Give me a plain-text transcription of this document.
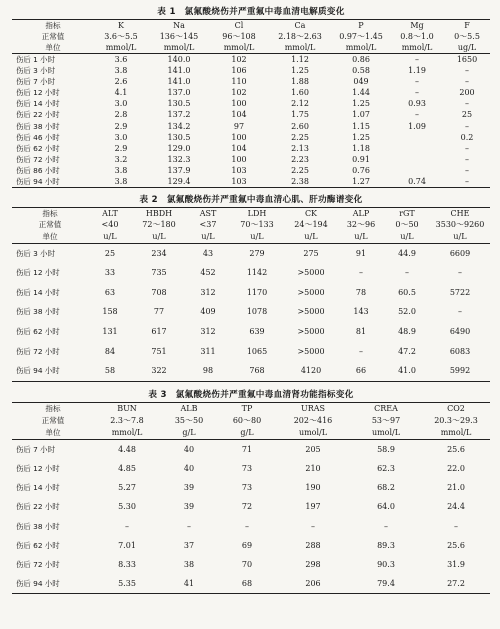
表 1　氯氟酸烧伤并严重氟中毒血清电解质变化
指标	K	Na	Cl	Ca	P	Mg	F
正常值	3.6～5.5	136～145	96～108	2.18～2.63	0.97～1.45	0.8～1.0	0～5.5
单位	mmol/L	mmol/L	mmol/L	mmol/L	mmol/L	mmol/L	ug/L
伤后 1 小时	3.6	140.0	102	1.12	0.86	–	1650
伤后 3 小时	3.8	141.0	106	1.25	0.58	1.19	–
伤后 7 小时	2.6	141.0	110	1.88	049	–	–
伤后 12 小时	4.1	137.0	102	1.60	1.44	–	200
伤后 14 小时	3.0	130.5	100	2.12	1.25	0.93	–
伤后 22 小时	2.8	137.2	104	1.75	1.07	–	25
伤后 38 小时	2.9	134.2	97	2.60	1.15	1.09	–
伤后 46 小时	3.0	130.5	100	2.25	1.25		0.2
伤后 62 小时	2.9	129.0	104	2.13	1.18		–
伤后 72 小时	3.2	132.3	100	2.23	0.91		–
伤后 86 小时	3.8	137.9	103	2.25	0.76		–
伤后 94 小时	3.8	129.4	103	2.38	1.27	0.74	–
表 2　氯氟酸烧伤并严重氟中毒血清心肌、肝功酶谱变化
指标	ALT	HBDH	AST	LDH	CK	ALP	rGT	CHE
正常值	<40	72～180	<37	70～133	24～194	32～96	0～50	3530～9260
单位	u/L	u/L	u/L	u/L	u/L	u/L	u/L	u/L
伤后 3 小时	25	234	43	279	275	91	44.9	6609
伤后 12 小时	33	735	452	1142	>5000	–	–	–
伤后 14 小时	63	708	312	1170	>5000	78	60.5	5722
伤后 38 小时	158	77	409	1078	>5000	143	52.0	–
伤后 62 小时	131	617	312	639	>5000	81	48.9	6490
伤后 72 小时	84	751	311	1065	>5000	–	47.2	6083
伤后 94 小时	58	322	98	768	4120	66	41.0	5992
表 3　氯氟酸烧伤并严重氟中毒血清肾功能指标变化
指标	BUN	ALB	TP	URAS	CREA	CO2
正常值	2.3～7.8	35～50	60～80	202～416	53～97	20.3～29.3
单位	mmol/L	g/L	g/L	umol/L	umol/L	mmol/L
伤后 7 小时	4.48	40	71	205	58.9	25.6
伤后 12 小时	4.85	40	73	210	62.3	22.0
伤后 14 小时	5.27	39	73	190	68.2	21.0
伤后 22 小时	5.30	39	72	197	64.0	24.4
伤后 38 小时	–	–	–	–	–	–
伤后 62 小时	7.01	37	69	288	89.3	25.6
伤后 72 小时	8.33	38	70	298	90.3	31.9
伤后 94 小时	5.35	41	68	206	79.4	27.2
